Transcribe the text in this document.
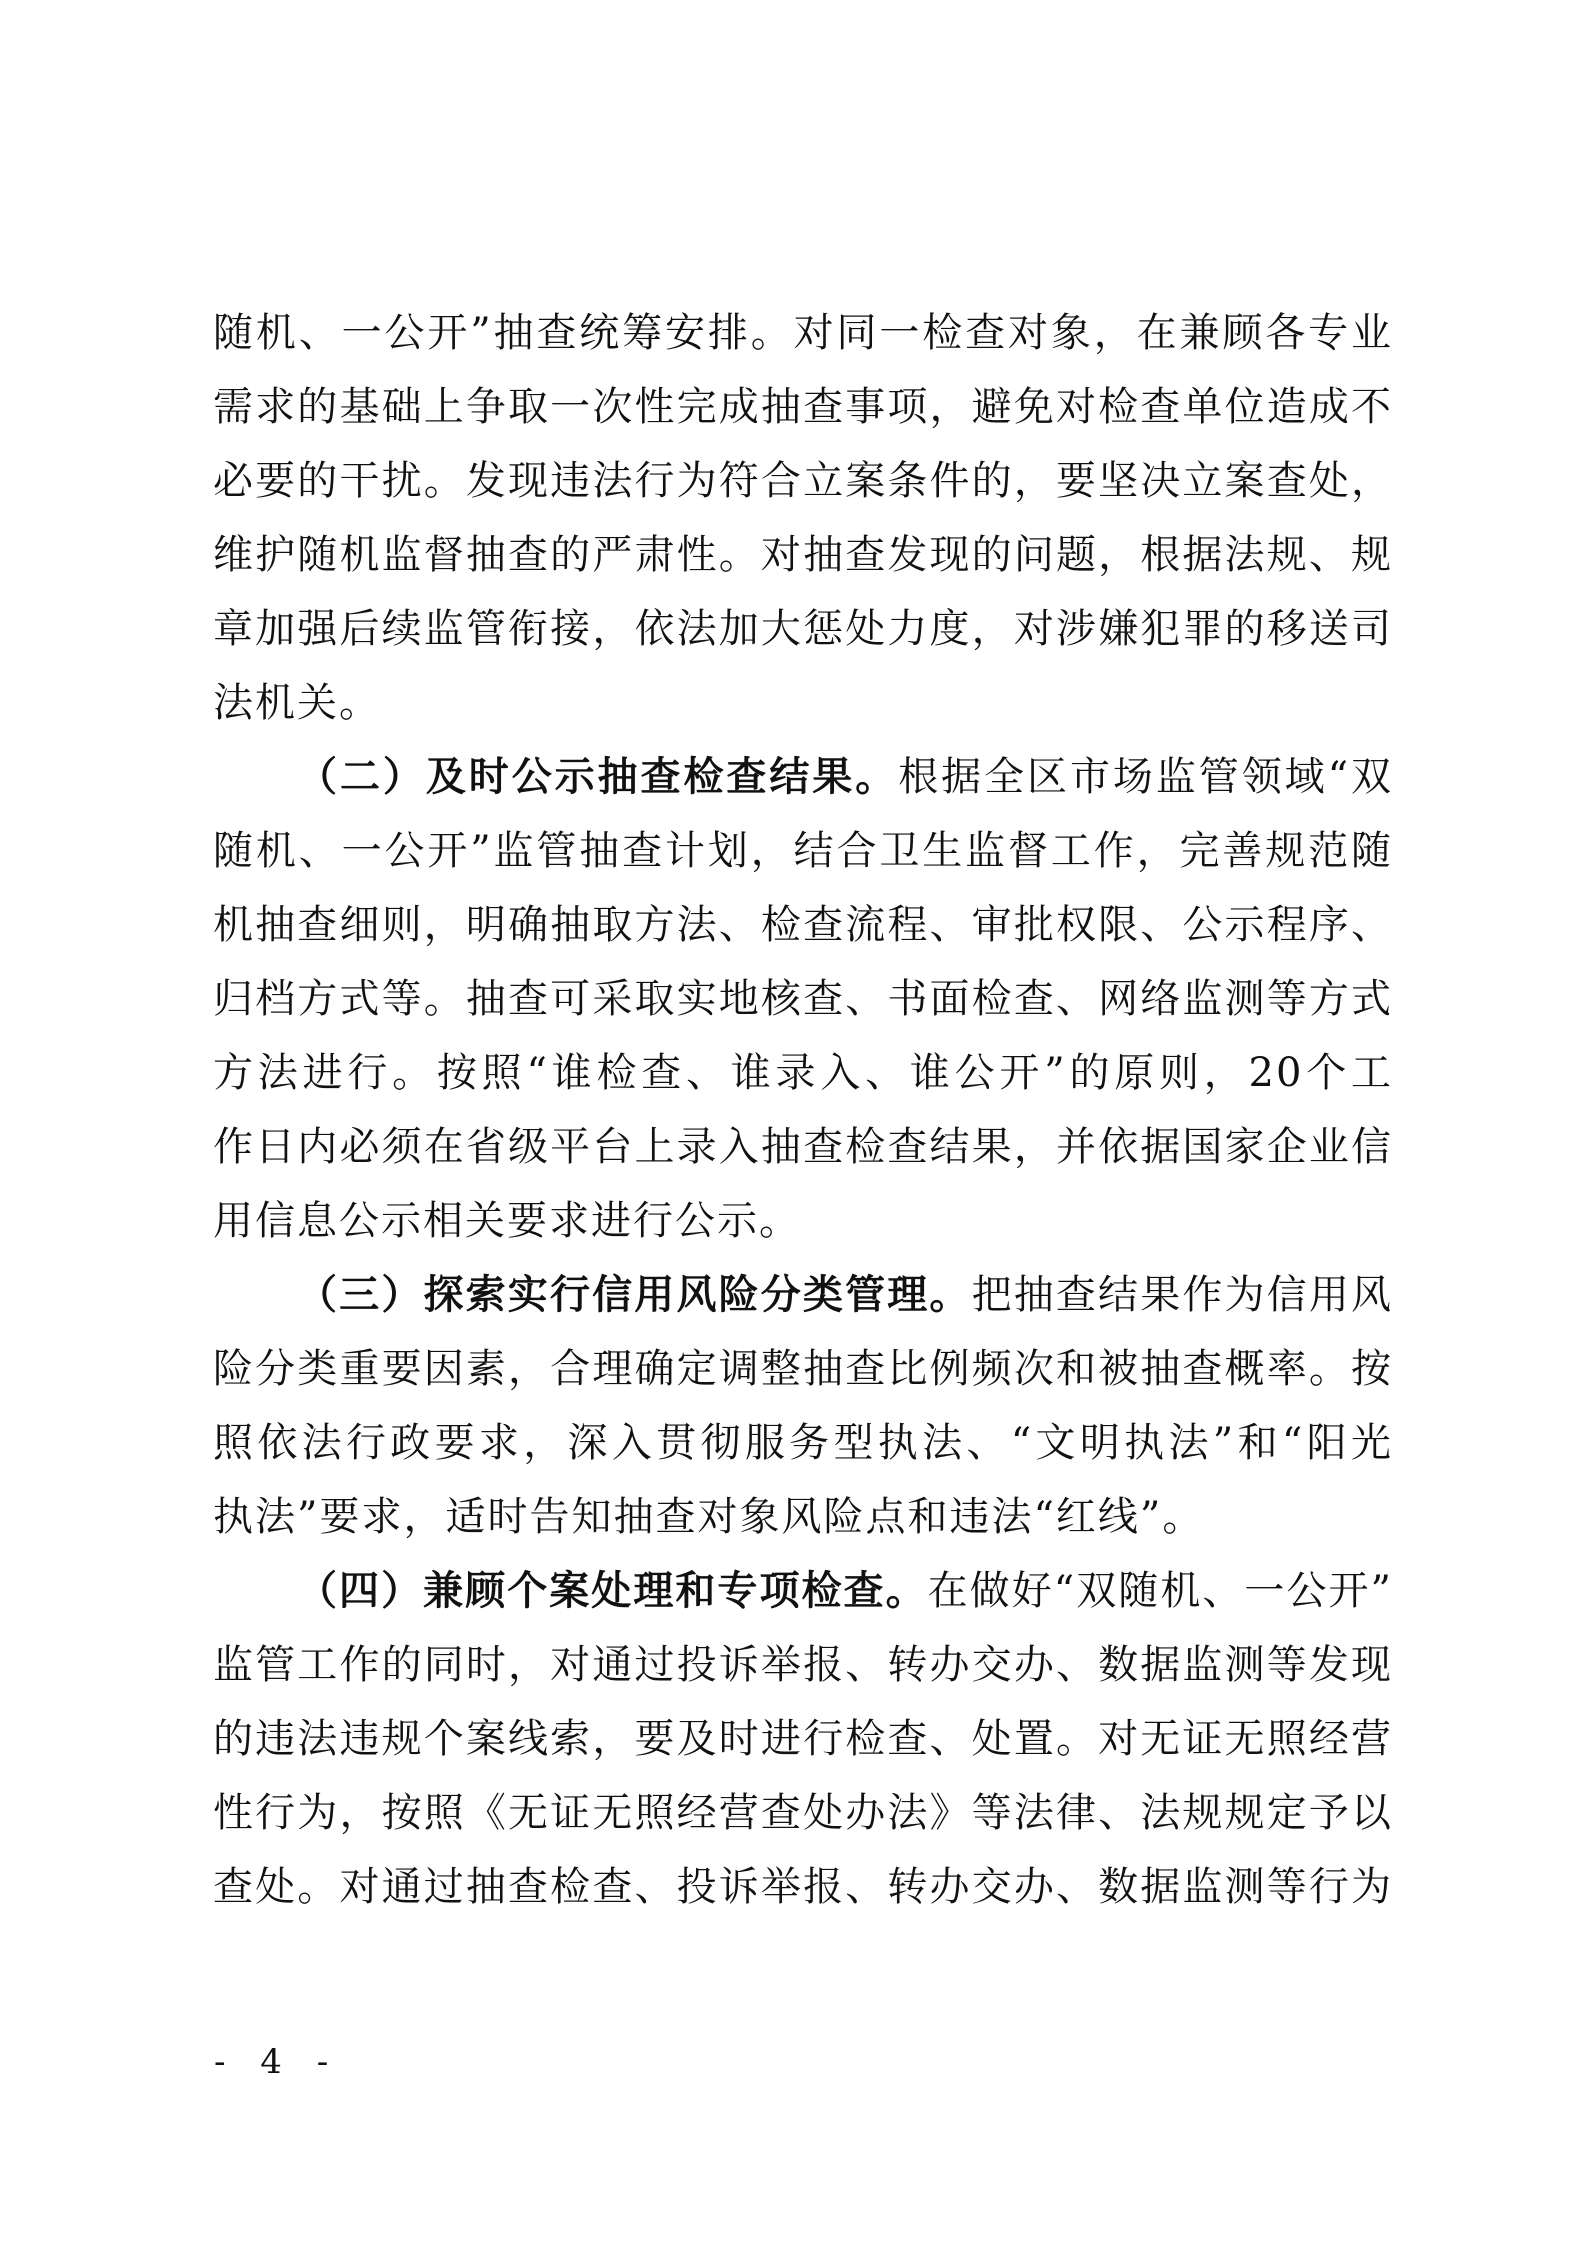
随机、一公开”抽查统筹安排。对同一检查对象，在兼顾各专业
需求的基础上争取一次性完成抽查事项，避免对检查单位造成不
必要的干扰。发现违法行为符合立案条件的，要坚决立案查处，
维护随机监督抽查的严肃性。对抽查发现的问题，根据法规、规
章加强后续监管衔接，依法加大惩处力度，对涉嫌犯罪的移送司
法机关。
（二）及时公示抽查检查结果。根据全区市场监管领域“双
随机、一公开”监管抽查计划，结合卫生监督工作，完善规范随
机抽查细则，明确抽取方法、检查流程、审批权限、公示程序、
归档方式等。抽查可采取实地核查、书面检查、网络监测等方式
方法进行。按照“谁检查、谁录入、谁公开”的原则，20个工
作日内必须在省级平台上录入抽查检查结果，并依据国家企业信
用信息公示相关要求进行公示。
（三）探索实行信用风险分类管理。把抽查结果作为信用风
险分类重要因素，合理确定调整抽查比例频次和被抽查概率。按
照依法行政要求，深入贯彻服务型执法、“文明执法”和“阳光
执法”要求，适时告知抽查对象风险点和违法“红线”。
（四）兼顾个案处理和专项检查。在做好“双随机、一公开”
监管工作的同时，对通过投诉举报、转办交办、数据监测等发现
的违法违规个案线索，要及时进行检查、处置。对无证无照经营
性行为，按照《无证无照经营查处办法》等法律、法规规定予以
查处。对通过抽查检查、投诉举报、转办交办、数据监测等行为
- 4 -
